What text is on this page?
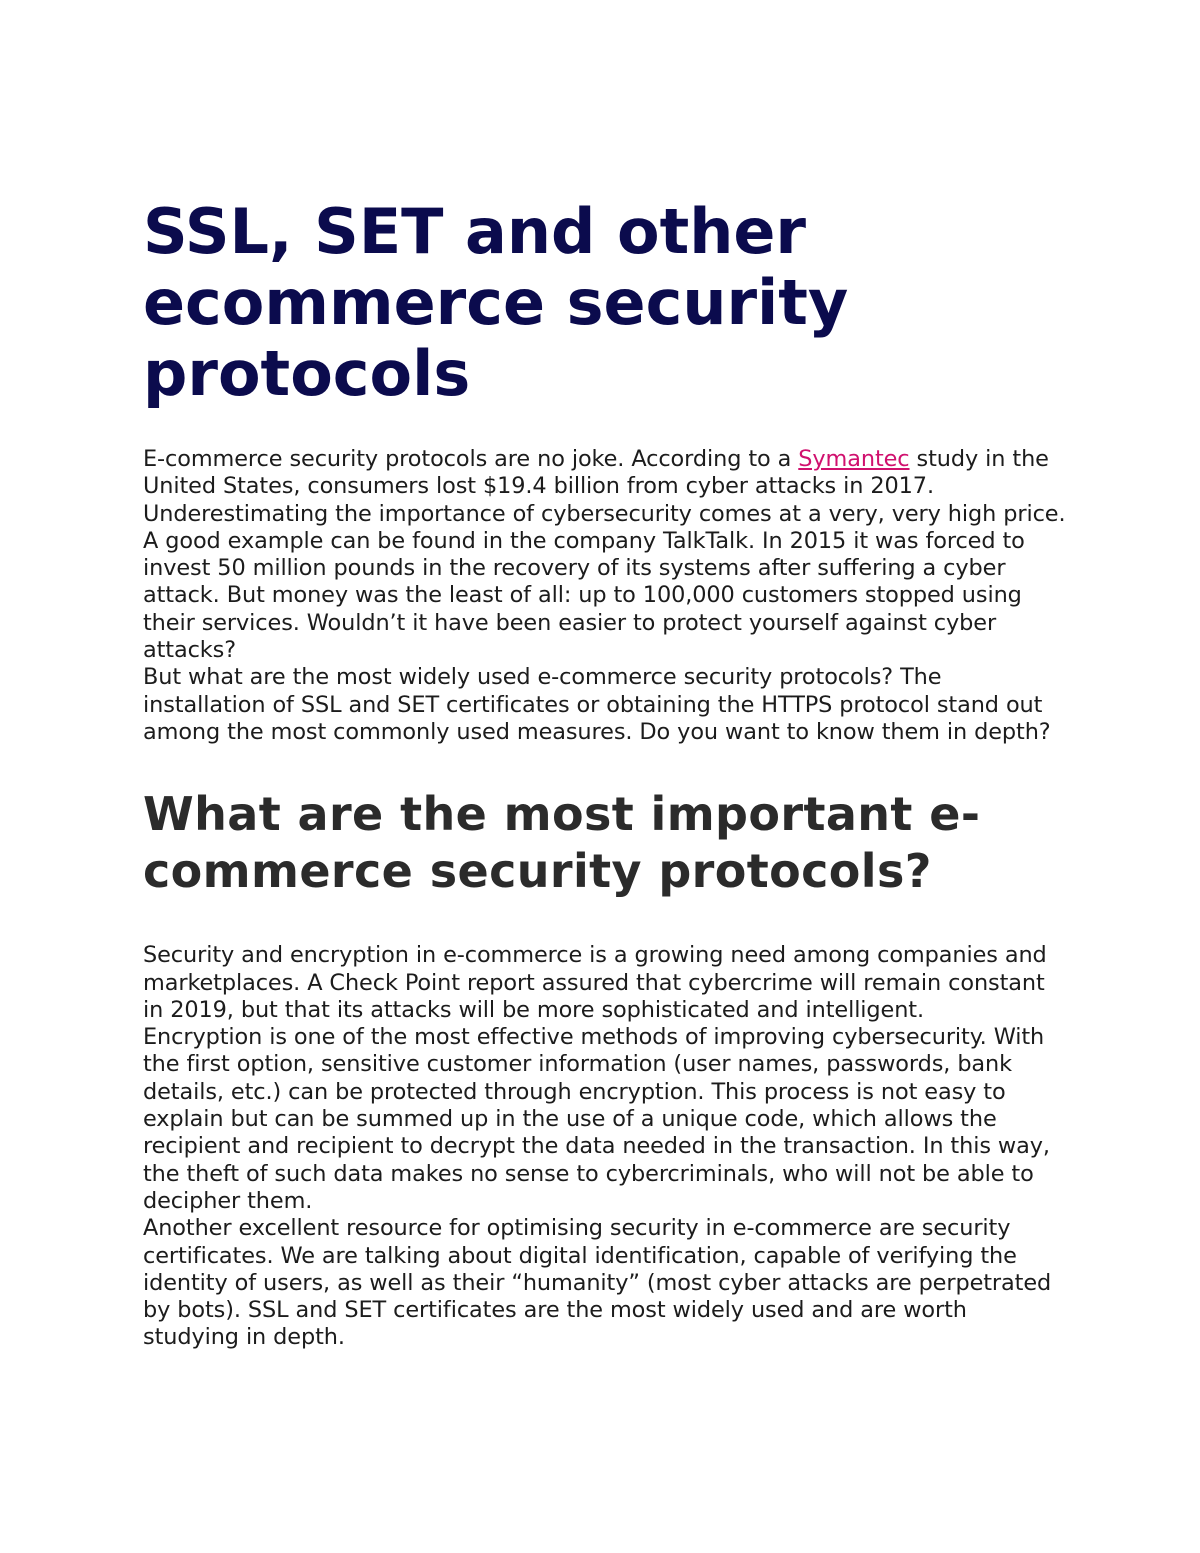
SSL, SET and other ecommerce security protocols

E-commerce security protocols are no joke. According to a Symantec study in the United States, consumers lost $19.4 billion from cyber attacks in 2017. Underestimating the importance of cybersecurity comes at a very, very high price. A good example can be found in the company TalkTalk. In 2015 it was forced to invest 50 million pounds in the recovery of its systems after suffering a cyber attack. But money was the least of all: up to 100,000 customers stopped using their services. Wouldn’t it have been easier to protect yourself against cyber attacks?

But what are the most widely used e-commerce security protocols? The installation of SSL and SET certificates or obtaining the HTTPS protocol stand out among the most commonly used measures. Do you want to know them in depth?

What are the most important e-commerce security protocols?

Security and encryption in e-commerce is a growing need among companies and marketplaces. A Check Point report assured that cybercrime will remain constant in 2019, but that its attacks will be more sophisticated and intelligent.

Encryption is one of the most effective methods of improving cybersecurity. With the first option, sensitive customer information (user names, passwords, bank details, etc.) can be protected through encryption. This process is not easy to explain but can be summed up in the use of a unique code, which allows the recipient and recipient to decrypt the data needed in the transaction. In this way, the theft of such data makes no sense to cybercriminals, who will not be able to decipher them.

Another excellent resource for optimising security in e-commerce are security certificates. We are talking about digital identification, capable of verifying the identity of users, as well as their “humanity” (most cyber attacks are perpetrated by bots). SSL and SET certificates are the most widely used and are worth studying in depth.
